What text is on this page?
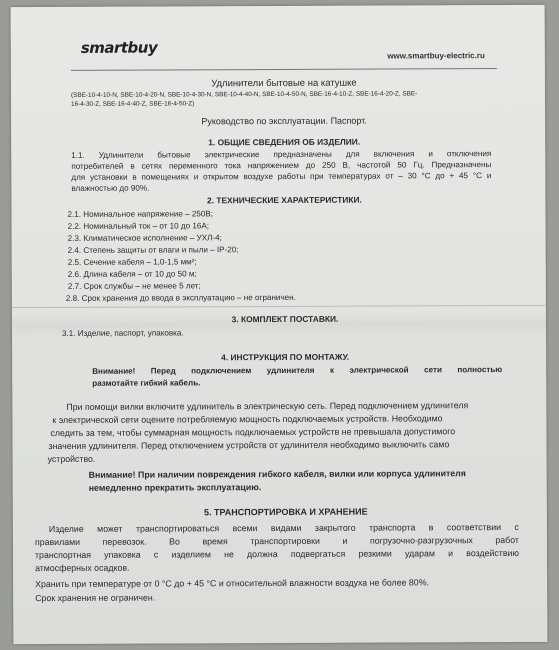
smartbuy	www.smartbuy-electric.ru
Удлинители бытовые на катушке
(SBE-10-4-10-N, SBE-10-4-20-N, SBE-10-4-30-N, SBE-10-4-40-N, SBE-10-4-50-N, SBE-16-4-10-Z, SBE-16-4-20-Z, SBE-
16-4-30-Z, SBE-16-4-40-Z, SBE-16-4-50-Z)
Руководство по эксплуатации. Паспорт.
1. ОБЩИЕ СВЕДЕНИЯ ОБ ИЗДЕЛИИ.
1.1. Удлинители бытовые электрические предназначены для включения и отключения
потребителей в сетях переменного тока напряжением до 250 В, частотой 50 Гц. Предназначены
для установки в помещениях и открытом воздухе работы при температурах от – 30 °С до + 45 °С и
влажностью до 90%.
2. ТЕХНИЧЕСКИЕ ХАРАКТЕРИСТИКИ.
2.1. Номинальное напряжение – 250В;
2.2. Номинальный ток – от 10 до 16А;
2.3. Климатическое исполнение – УХЛ-4;
2.4. Степень защиты от влаги и пыли – IP-20;
2.5. Сечение кабеля – 1,0-1,5 мм²;
2.6. Длина кабеля – от 10 до 50 м;
2.7. Срок службы – не менее 5 лет;
2.8. Срок хранения до ввода в эксплуатацию – не ограничен.
3. КОМПЛЕКТ ПОСТАВКИ.
3.1. Изделие, паспорт, упаковка.
4. ИНСТРУКЦИЯ ПО МОНТАЖУ.
Внимание! Перед подключением удлинителя к электрической сети полностью
размотайте гибкий кабель.
При помощи вилки включите удлинитель в электрическую сеть. Перед подключением удлинителя
к электрической сети оцените потребляемую мощность подключаемых устройств. Необходимо
следить за тем, чтобы суммарная мощность подключаемых устройств не превышала допустимого
значения удлинителя. Перед отключением устройств от удлинителя необходимо выключить само
устройство.
Внимание! При наличии повреждения гибкого кабеля, вилки или корпуса удлинителя
немедленно прекратить эксплуатацию.
5. ТРАНСПОРТИРОВКА И ХРАНЕНИЕ
Изделие может транспортироваться всеми видами закрытого транспорта в соответствии с
правилами перевозок. Во время транспортировки и погрузочно-разгрузочных работ
транспортная упаковка с изделием не должна подвергаться резкими ударам и воздействию
атмосферных осадков.
Хранить при температуре от 0 °С до + 45 °С и относительной влажности воздуха не более 80%.
Срок хранения не ограничен.
